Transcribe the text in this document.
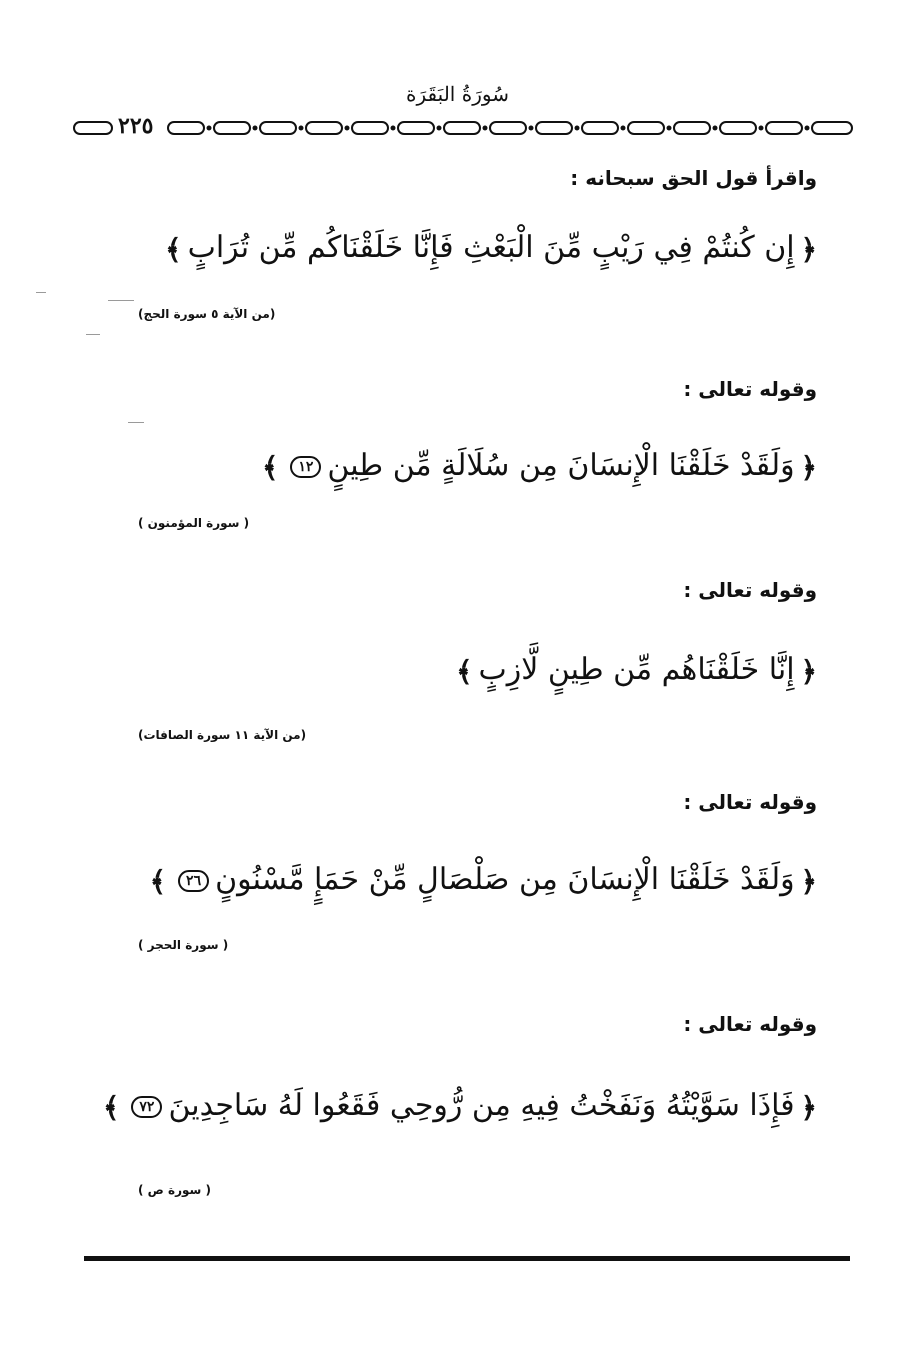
سُورَةُ البَقَرَة
٢٢٥
واقرأ قول الحق سبحانه :
﴿إِن كُنتُمْ فِي رَيْبٍ مِّنَ الْبَعْثِ فَإِنَّا خَلَقْنَاكُم مِّن تُرَابٍ﴾
(من الآية ٥ سورة الحج)
وقوله تعالى :
﴿وَلَقَدْ خَلَقْنَا الْإِنسَانَ مِن سُلَالَةٍ مِّن طِينٍ١٢﴾
( سورة المؤمنون )
وقوله تعالى :
﴿إِنَّا خَلَقْنَاهُم مِّن طِينٍ لَّازِبٍ﴾
(من الآية ١١ سورة الصافات)
وقوله تعالى :
﴿وَلَقَدْ خَلَقْنَا الْإِنسَانَ مِن صَلْصَالٍ مِّنْ حَمَإٍ مَّسْنُونٍ٢٦﴾
( سورة الحجر )
وقوله تعالى :
﴿فَإِذَا سَوَّيْتُهُ وَنَفَخْتُ فِيهِ مِن رُّوحِي فَقَعُوا لَهُ سَاجِدِينَ٧٢﴾
( سورة ص )
